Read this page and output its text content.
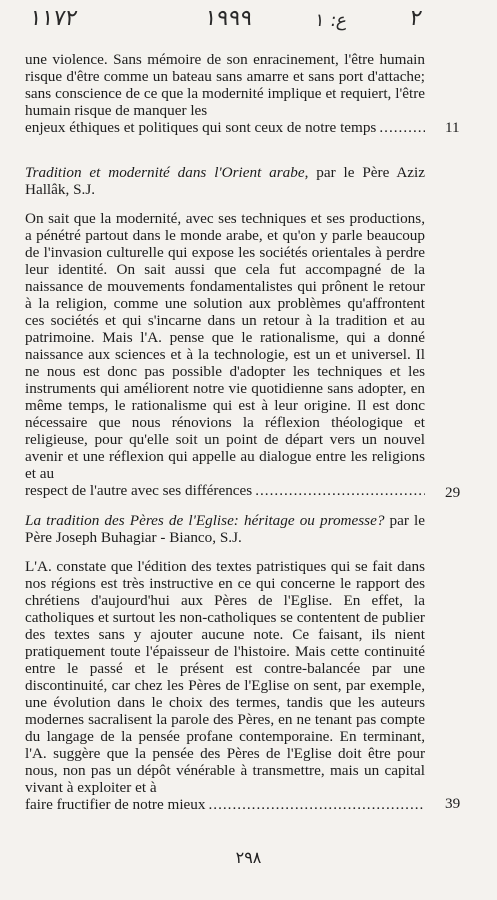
۱۱۷۲	۱۹۹۹	ع: ۱	۲

une violence. Sans mémoire de son enracinement, l'être humain risque d'être comme un bateau sans amarre et sans port d'attache; sans conscience de ce que la modernité implique et requiert, l'être humain risque de manquer les

enjeux éthiques et politiques qui sont ceux de notre temps .....	11

Tradition et modernité dans l'Orient arabe, par le Père Aziz Hallâk, S.J.

On sait que la modernité, avec ses techniques et ses productions, a pénétré partout dans le monde arabe, et qu'on y parle beaucoup de l'invasion culturelle qui expose les sociétés orientales à perdre leur identité. On sait aussi que cela fut accompagné de la naissance de mouvements fondamentalistes qui prônent le retour à la religion, comme une solution aux problèmes qu'affrontent ces sociétés et qui s'incarne dans un retour à la tradition et au patrimoine. Mais l'A. pense que le rationalisme, qui a donné naissance aux sciences et à la technologie, est un et universel. Il ne nous est donc pas possible d'adopter les techniques et les instruments qui améliorent notre vie quotidienne sans adopter, en même temps, le rationalisme qui est à leur origine. Il est donc nécessaire que nous rénovions la réflexion théologique et religieuse, pour qu'elle soit un point de départ vers un nouvel avenir et une réflexion qui appelle au dialogue entre les religions et au

respect de l'autre avec ses différences .....	29

La tradition des Pères de l'Eglise: héritage ou promesse? par le Père Joseph Buhagiar - Bianco, S.J.

L'A. constate que l'édition des textes patristiques qui se fait dans nos régions est très instructive en ce qui concerne le rapport des chrétiens d'aujourd'hui aux Pères de l'Eglise. En effet, la catholiques et surtout les non-catholiques se contentent de publier des textes sans y ajouter aucune note. Ce faisant, ils nient pratiquement toute l'épaisseur de l'histoire. Mais cette continuité entre le passé et le présent est contre-balancée par une discontinuité, car chez les Pères de l'Eglise on sent, par exemple, une évolution dans le choix des termes, tandis que les auteurs modernes sacralisent la parole des Pères, en ne tenant pas compte du langage de la pensée profane contemporaine. En terminant, l'A. suggère que la pensée des Pères de l'Eglise doit être pour nous, non pas un dépôt vénérable à transmettre, mais un capital vivant à exploiter et à

faire fructifier de notre mieux .....	39
۲۹۸
